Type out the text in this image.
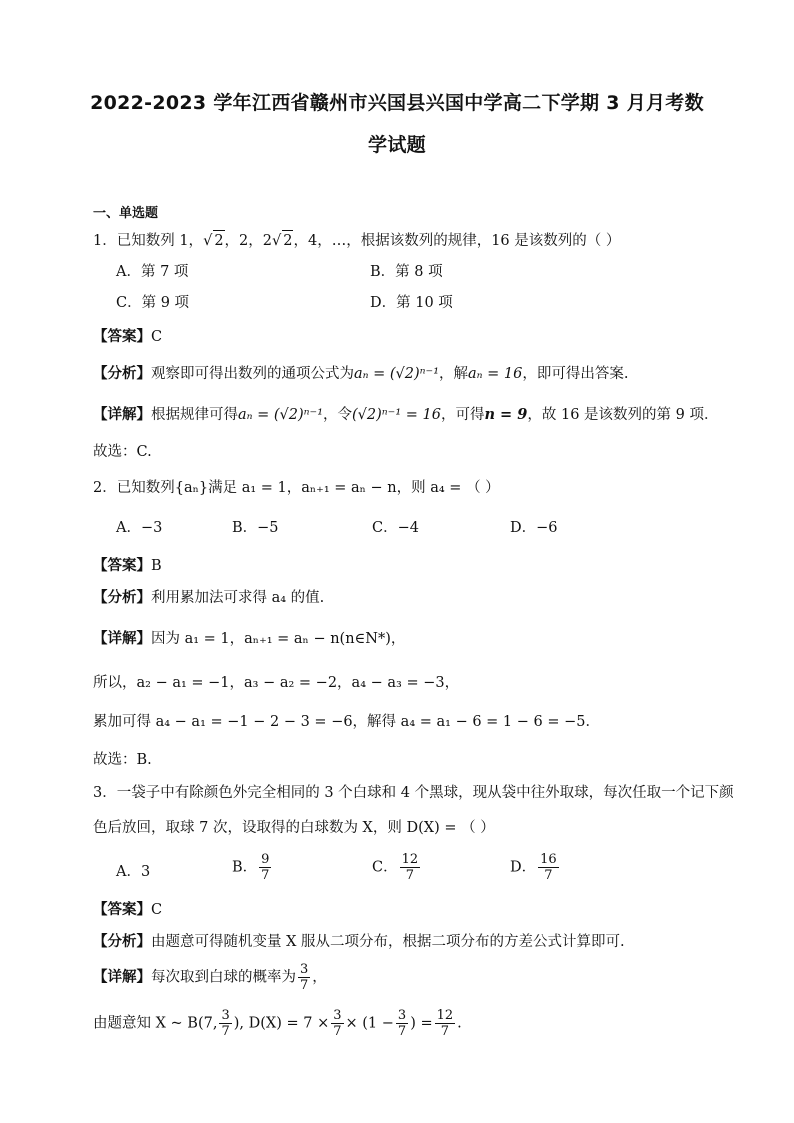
2022-2023 学年江西省赣州市兴国县兴国中学高二下学期 3 月月考数
学试题
一、单选题
1．已知数列 1，√ 2，2，2√ 2，4，…，根据该数列的规律，16 是该数列的（ ）
A．第 7 项	B．第 8 项
C．第 9 项	D．第 10 项
【答案】C
【分析】观察即可得出数列的通项公式为aₙ = (√2)ⁿ⁻¹，解aₙ = 16，即可得出答案.
【详解】根据规律可得aₙ = (√2)ⁿ⁻¹，令(√2)ⁿ⁻¹ = 16，可得n = 9，故 16 是该数列的第 9 项．
故选：C.
2．已知数列{aₙ}满足 a₁ = 1，aₙ₊₁ = aₙ − n，则 a₄ = （ ）
A．−3	B．−5	C．−4	D．−6
【答案】B
【分析】利用累加法可求得 a₄ 的值.
【详解】因为 a₁ = 1，aₙ₊₁ = aₙ − n(n∈N*)，
所以，a₂ − a₁ = −1，a₃ − a₂ = −2，a₄ − a₃ = −3，
累加可得 a₄ − a₁ = −1 − 2 − 3 = −6，解得 a₄ = a₁ − 6 = 1 − 6 = −5．
故选：B.
3．一袋子中有除颜色外完全相同的 3 个白球和 4 个黑球，现从袋中往外取球，每次任取一个记下颜
色后放回，取球 7 次，设取得的白球数为 X，则 D(X) = （ ）
A．3	B． $\frac{9}{7}$	C． $\frac{12}{7}$	D． $\frac{16}{7}$
【答案】C
【分析】由题意可得随机变量 X 服从二项分布，根据二项分布的方差公式计算即可.
【详解】每次取到白球的概率为 $\frac{3}{7}$ ，
由题意知 X ~ B(7, $\frac{3}{7}$ ), $D(X) = 7 \times \frac{3}{7} \times (1 - \frac{3}{7}$ ) = $\frac{12}{7}$ .
